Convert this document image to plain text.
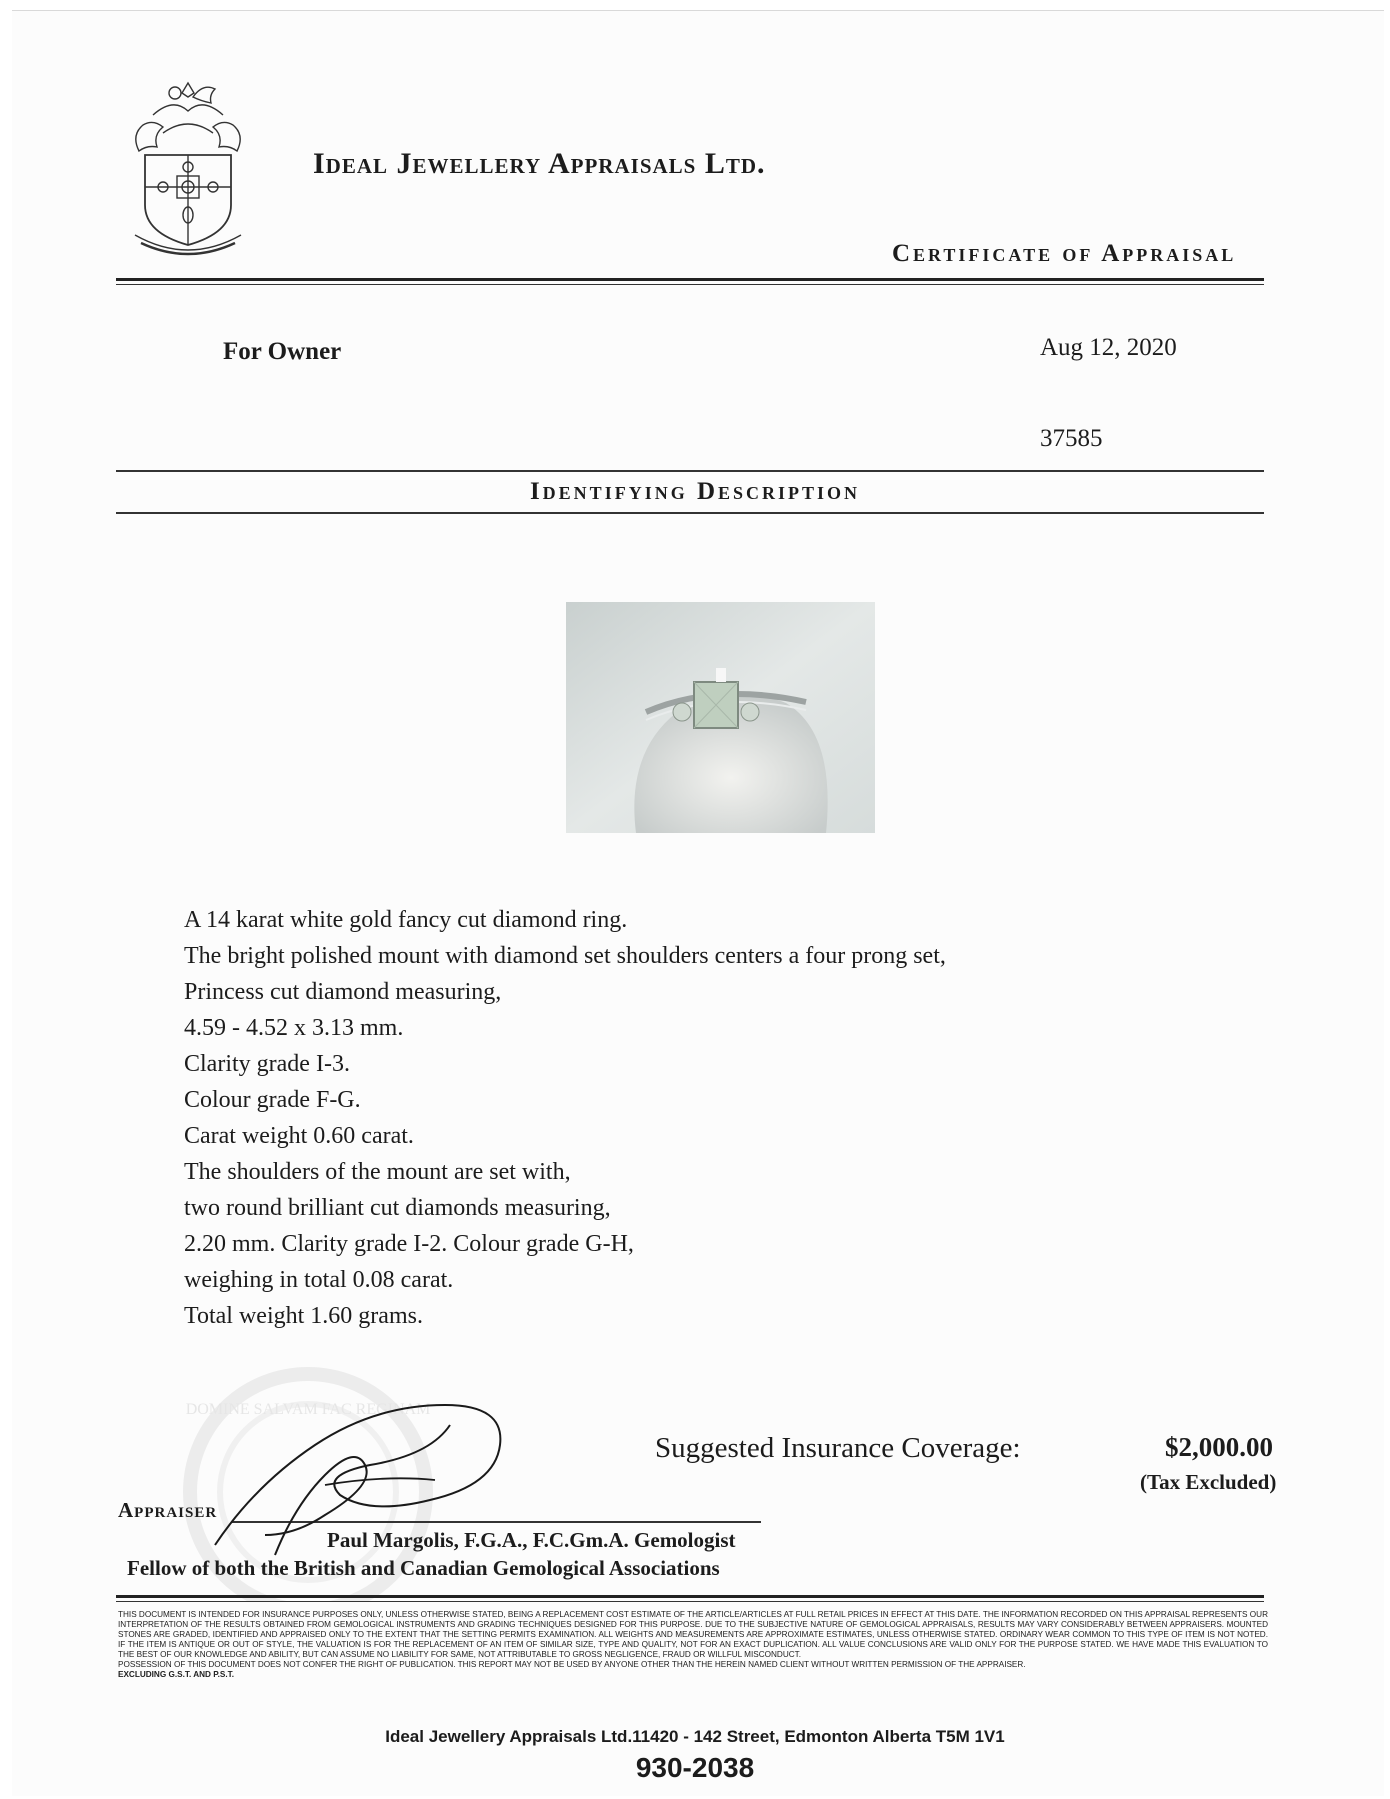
Ideal Jewellery Appraisals Ltd.
Certificate of Appraisal
For Owner	Aug 12, 2020
37585
Identifying Description
A 14 karat white gold fancy cut diamond ring.
The bright polished mount with diamond set shoulders centers a four prong set,
Princess cut diamond measuring,
4.59 - 4.52 x 3.13 mm.
Clarity grade I-3.
Colour grade F-G.
Carat weight 0.60 carat.
The shoulders of the mount are set with,
two round brilliant cut diamonds measuring,
2.20 mm. Clarity grade I-2. Colour grade G-H,
weighing in total 0.08 carat.
Total weight 1.60 grams.
DOMINE SALVAM FAC REGINAM
Suggested Insurance Coverage:	$2,000.00
(Tax Excluded)
Appraiser
Paul Margolis, F.G.A., F.C.Gm.A. Gemologist
Fellow of both the British and Canadian Gemological Associations
THIS DOCUMENT IS INTENDED FOR INSURANCE PURPOSES ONLY, UNLESS OTHERWISE STATED, BEING A REPLACEMENT COST ESTIMATE OF THE ARTICLE/ARTICLES AT FULL RETAIL PRICES IN EFFECT AT THIS DATE. THE INFORMATION RECORDED ON THIS APPRAISAL REPRESENTS OUR INTERPRETATION OF THE RESULTS OBTAINED FROM GEMOLOGICAL INSTRUMENTS AND GRADING TECHNIQUES DESIGNED FOR THIS PURPOSE. DUE TO THE SUBJECTIVE NATURE OF GEMOLOGICAL APPRAISALS, RESULTS MAY VARY CONSIDERABLY BETWEEN APPRAISERS. MOUNTED STONES ARE GRADED, IDENTIFIED AND APPRAISED ONLY TO THE EXTENT THAT THE SETTING PERMITS EXAMINATION. ALL WEIGHTS AND MEASUREMENTS ARE APPROXIMATE ESTIMATES, UNLESS OTHERWISE STATED. ORDINARY WEAR COMMON TO THIS TYPE OF ITEM IS NOT NOTED. IF THE ITEM IS ANTIQUE OR OUT OF STYLE, THE VALUATION IS FOR THE REPLACEMENT OF AN ITEM OF SIMILAR SIZE, TYPE AND QUALITY, NOT FOR AN EXACT DUPLICATION. ALL VALUE CONCLUSIONS ARE VALID ONLY FOR THE PURPOSE STATED. WE HAVE MADE THIS EVALUATION TO THE BEST OF OUR KNOWLEDGE AND ABILITY, BUT CAN ASSUME NO LIABILITY FOR SAME, NOT ATTRIBUTABLE TO GROSS NEGLIGENCE, FRAUD OR WILLFUL MISCONDUCT.
POSSESSION OF THIS DOCUMENT DOES NOT CONFER THE RIGHT OF PUBLICATION. THIS REPORT MAY NOT BE USED BY ANYONE OTHER THAN THE HEREIN NAMED CLIENT WITHOUT WRITTEN PERMISSION OF THE APPRAISER.
EXCLUDING G.S.T. AND P.S.T.
Ideal Jewellery Appraisals Ltd.11420 - 142 Street, Edmonton Alberta T5M 1V1
930-2038
